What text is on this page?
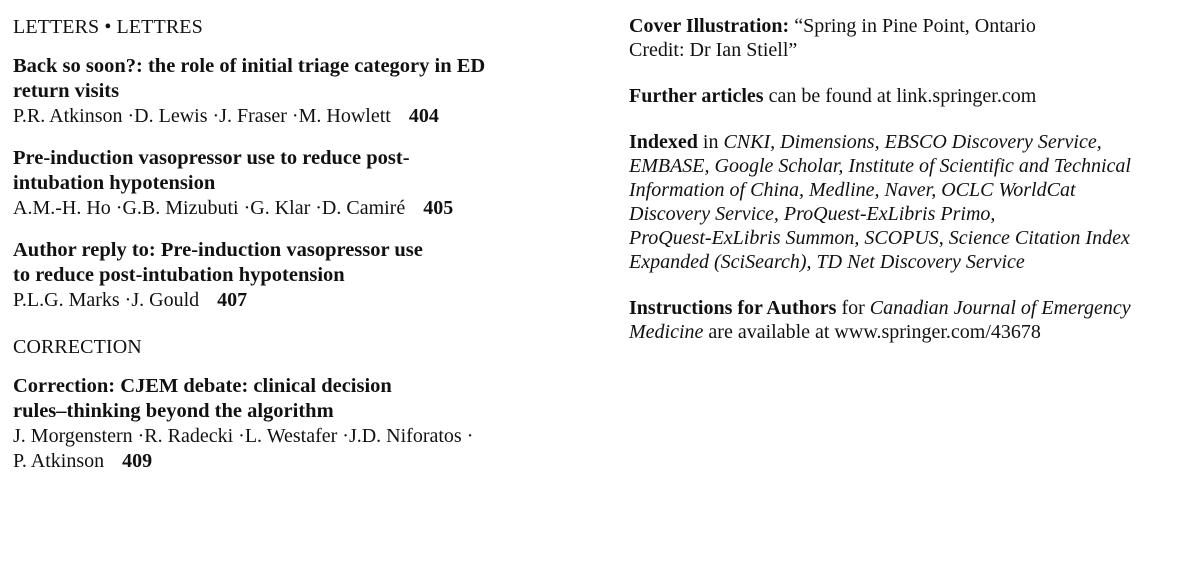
LETTERS • LETTRES
Back so soon?: the role of initial triage category in ED
return visits
P.R. Atkinson · D. Lewis · J. Fraser · M. Howlett 404
Pre-induction vasopressor use to reduce post-
intubation hypotension
A.M.-H. Ho · G.B. Mizubuti · G. Klar · D. Camiré 405
Author reply to: Pre-induction vasopressor use
to reduce post-intubation hypotension
P.L.G. Marks · J. Gould 407
CORRECTION
Correction: CJEM debate: clinical decision
rules–thinking beyond the algorithm
J. Morgenstern · R. Radecki · L. Westafer · J.D. Niforatos ·
P. Atkinson 409
Cover Illustration: “Spring in Pine Point, Ontario
Credit: Dr Ian Stiell”
Further articles can be found at link.springer.com
Indexed in CNKI, Dimensions, EBSCO Discovery Service,
EMBASE, Google Scholar, Institute of Scientific and Technical
Information of China, Medline, Naver, OCLC WorldCat
Discovery Service, ProQuest-ExLibris Primo,
ProQuest-ExLibris Summon, SCOPUS, Science Citation Index
Expanded (SciSearch), TD Net Discovery Service
Instructions for Authors for Canadian Journal of Emergency
Medicine are available at www.springer.com/43678
